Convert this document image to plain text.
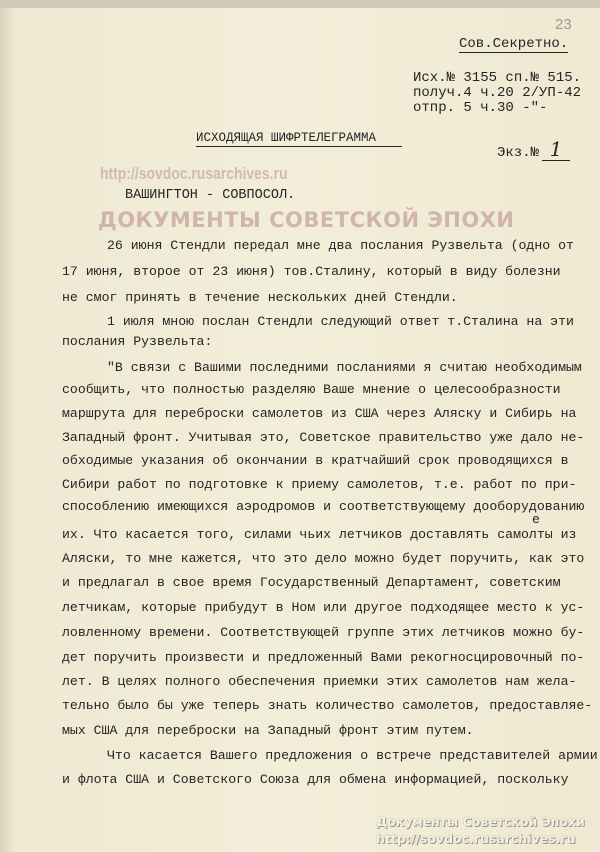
http://sovdoc.rusarchives.ru
ДОКУМЕНТЫ СОВЕТСКОЙ ЭПОХИ
23
Сов.Секретно.
Исх.№ 3155 сп.№ 515.
получ.4 ч.20 2/УП-42
отпр. 5 ч.30 -"-
ИСХОДЯЩАЯ ШИФРТЕЛЕГРАММА
Экз.№ 1
ВАШИНГТОН - СОВПОСОЛ.
26 июня Стендли передал мне два послания Рузвельта (одно от
17 июня, второе от 23 июня) тов.Сталину, который в виду болезни
не смог принять в течение нескольких дней Стендли.
1 июля мною послан Стендли следующий ответ т.Сталина на эти
послания Рузвельта:
"В связи с Вашими последними посланиями я считаю необходимым
сообщить, что полностью разделяю Ваше мнение о целесообразности
маршрута для переброски самолетов из США через Аляску и Сибирь на
Западный фронт. Учитывая это, Советское правительство уже дало не-
обходимые указания об окончании в кратчайший срок проводящихся в
Сибири работ по подготовке к приему самолетов, т.е. работ по при-
способлению имеющихся аэродромов и соответствующему дооборудованию
их. Что касается того, силами чьих летчиков доставлять самолты из
Аляски, то мне кажется, что это дело можно будет поручить, как это
и предлагал в свое время Государственный Департамент, советским
летчикам, которые прибудут в Ном или другое подходящее место к ус-
ловленному времени. Соответствующей группе этих летчиков можно бу-
дет поручить произвести и предложенный Вами рекогносцировочный по-
лет. В целях полного обеспечения приемки этих самолетов нам жела-
тельно было бы уже теперь знать количество самолетов, предоставляе-
мых США для переброски на Западный фронт этим путем.
Что касается Вашего предложения о встрече представителей армии
и флота США и Советского Союза для обмена информацией, поскольку
е
Документы Советской Эпохи
http://sovdoc.rusarchives.ru
